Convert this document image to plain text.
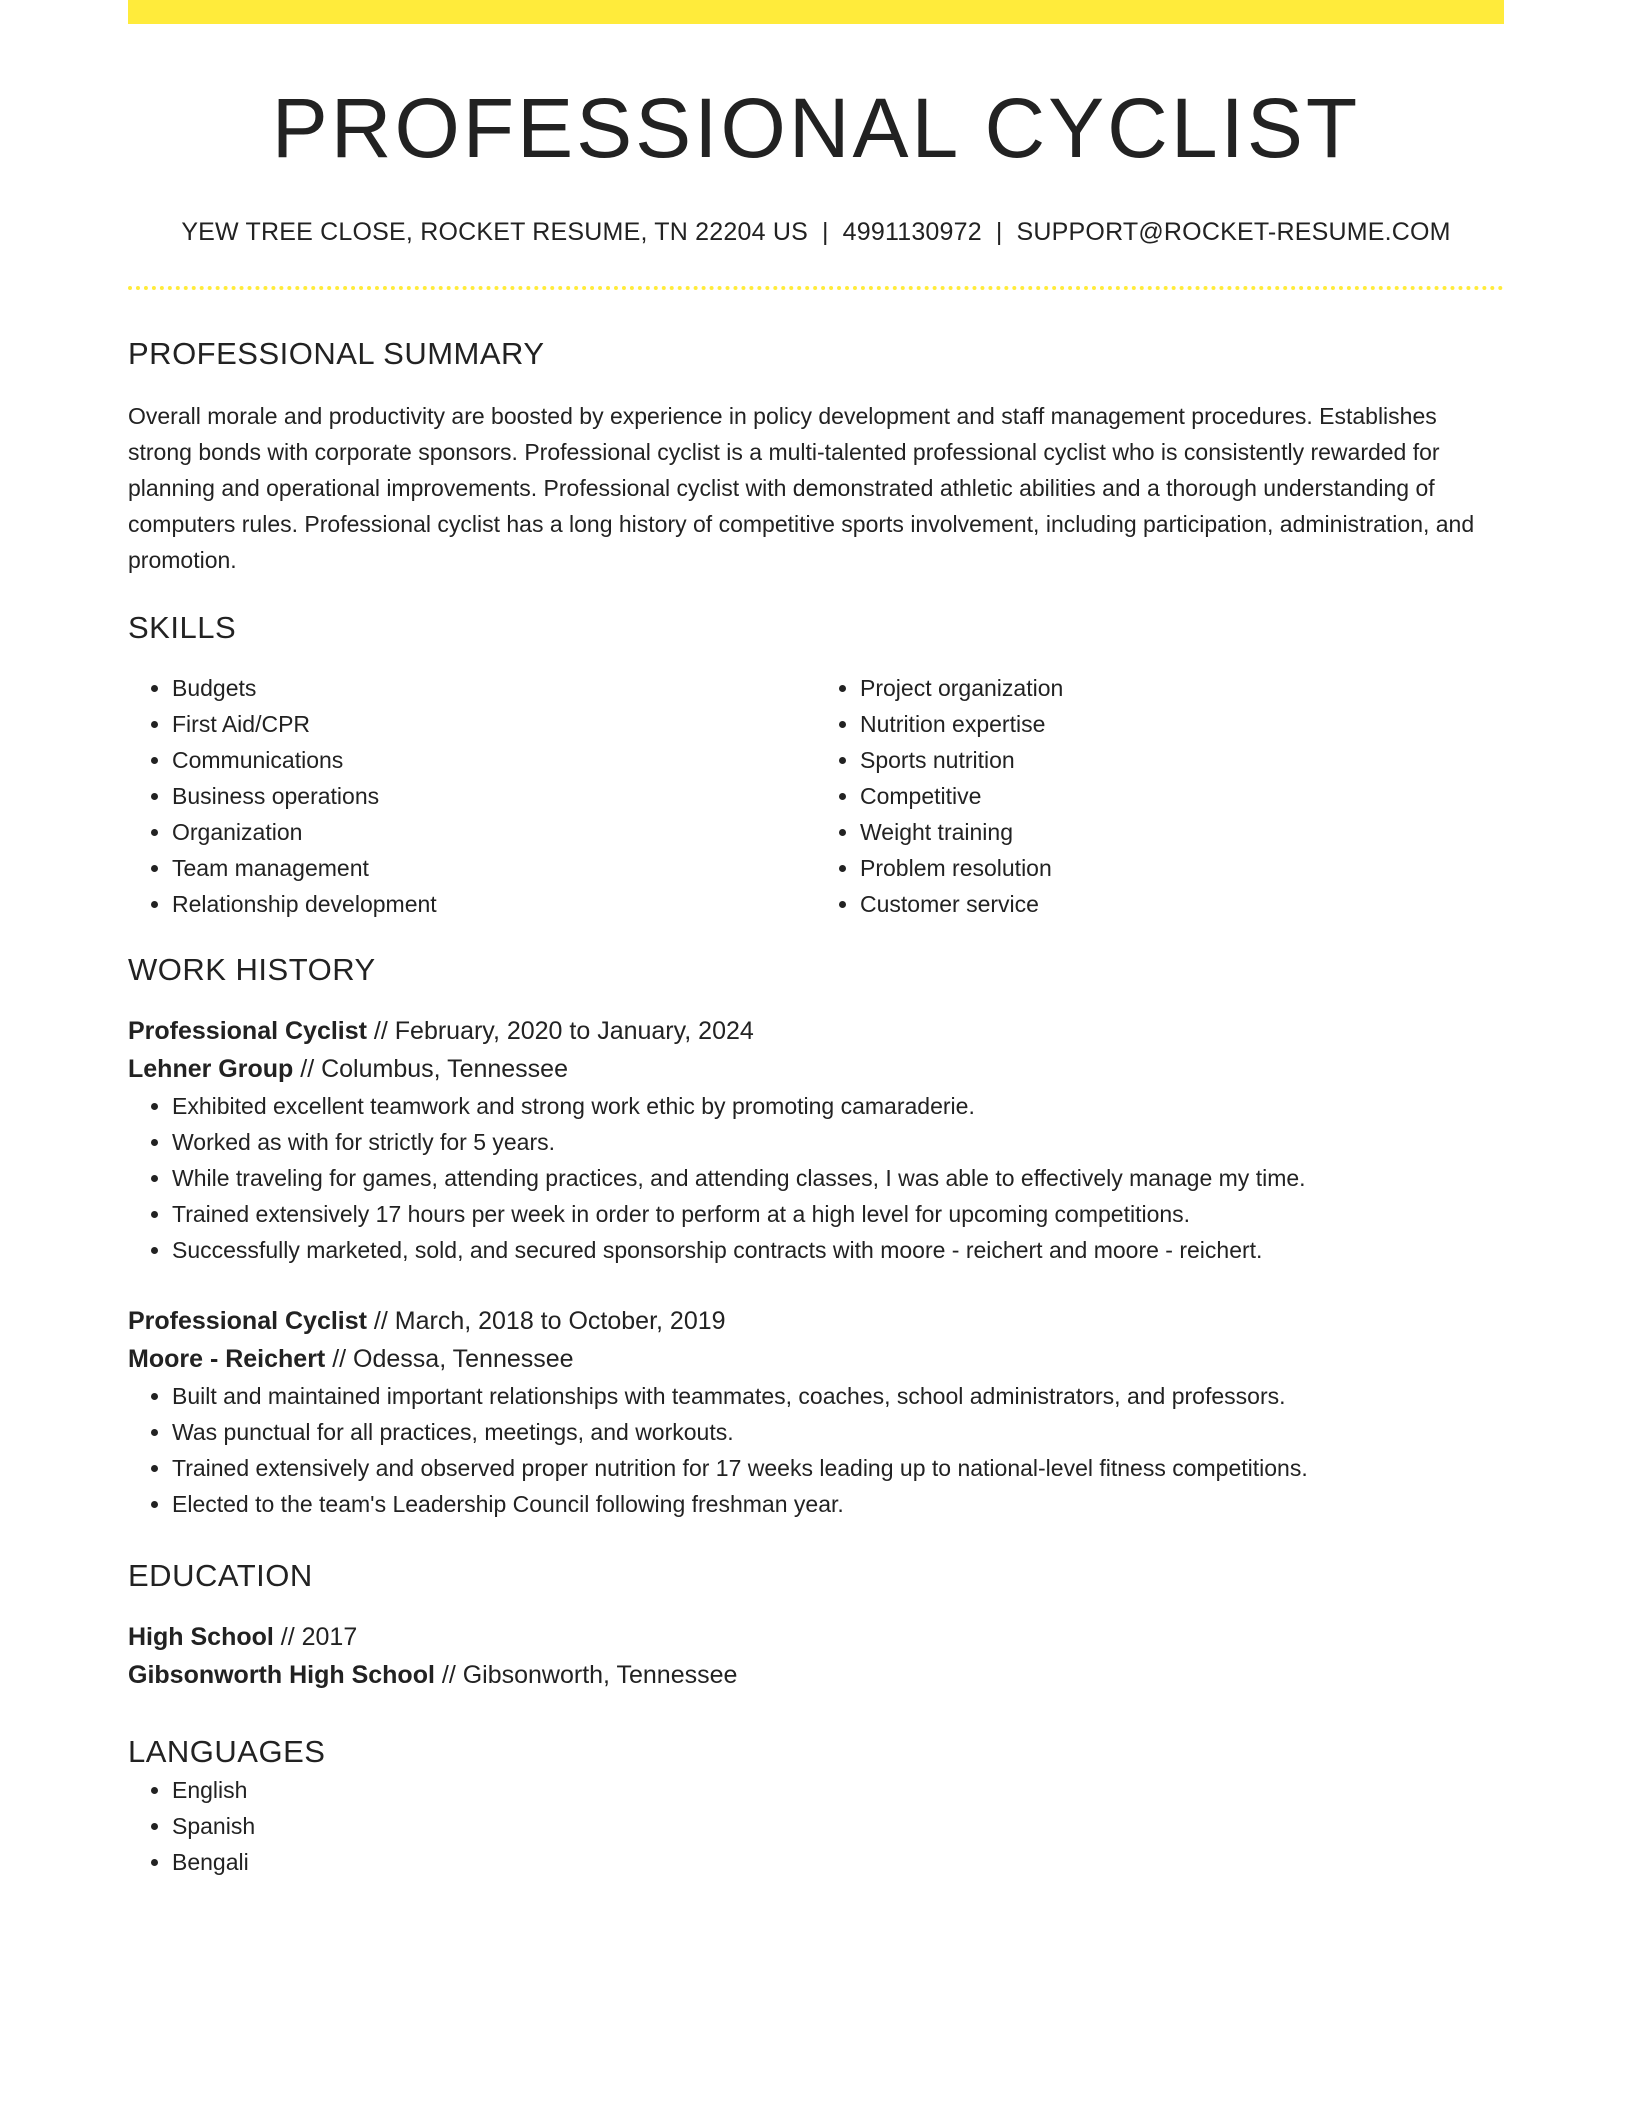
PROFESSIONAL CYCLIST
YEW TREE CLOSE, ROCKET RESUME, TN 22204 US | 4991130972 | SUPPORT@ROCKET-RESUME.COM
PROFESSIONAL SUMMARY
Overall morale and productivity are boosted by experience in policy development and staff management procedures. Establishes strong bonds with corporate sponsors. Professional cyclist is a multi-talented professional cyclist who is consistently rewarded for planning and operational improvements. Professional cyclist with demonstrated athletic abilities and a thorough understanding of computers rules. Professional cyclist has a long history of competitive sports involvement, including participation, administration, and promotion.
SKILLS
• Budgets
• First Aid/CPR
• Communications
• Business operations
• Organization
• Team management
• Relationship development
• Project organization
• Nutrition expertise
• Sports nutrition
• Competitive
• Weight training
• Problem resolution
• Customer service
WORK HISTORY
Professional Cyclist // February, 2020 to January, 2024
Lehner Group // Columbus, Tennessee
• Exhibited excellent teamwork and strong work ethic by promoting camaraderie.
• Worked as with for strictly for 5 years.
• While traveling for games, attending practices, and attending classes, I was able to effectively manage my time.
• Trained extensively 17 hours per week in order to perform at a high level for upcoming competitions.
• Successfully marketed, sold, and secured sponsorship contracts with moore - reichert and moore - reichert.
Professional Cyclist // March, 2018 to October, 2019
Moore - Reichert // Odessa, Tennessee
• Built and maintained important relationships with teammates, coaches, school administrators, and professors.
• Was punctual for all practices, meetings, and workouts.
• Trained extensively and observed proper nutrition for 17 weeks leading up to national-level fitness competitions.
• Elected to the team's Leadership Council following freshman year.
EDUCATION
High School // 2017
Gibsonworth High School // Gibsonworth, Tennessee
LANGUAGES
• English
• Spanish
• Bengali
